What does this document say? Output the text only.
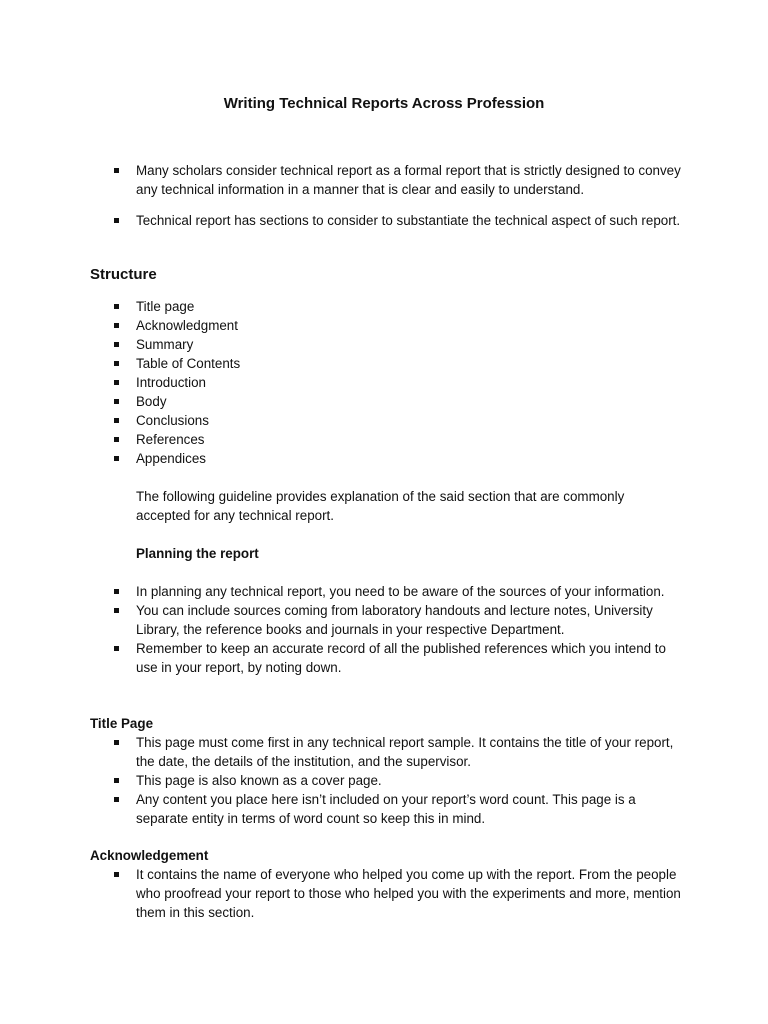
Writing Technical Reports Across Profession
Many scholars consider technical report as a formal report that is strictly designed to convey any technical information in a manner that is clear and easily to understand.
Technical report has sections to consider to substantiate the technical aspect of such report.
Structure
Title page
Acknowledgment
Summary
Table of Contents
Introduction
Body
Conclusions
References
Appendices

The following guideline provides explanation of the said section that are commonly accepted for any technical report.

Planning the report
In planning any technical report, you need to be aware of the sources of your information.
You can include sources coming from laboratory handouts and lecture notes, University Library, the reference books and journals in your respective Department.
Remember to keep an accurate record of all the published references which you intend to use in your report, by noting down.
Title Page
This page must come first in any technical report sample. It contains the title of your report, the date, the details of the institution, and the supervisor.
This page is also known as a cover page.
Any content you place here isn’t included on your report’s word count. This page is a separate entity in terms of word count so keep this in mind.
Acknowledgement
It contains the name of everyone who helped you come up with the report. From the people who proofread your report to those who helped you with the experiments and more, mention them in this section.
